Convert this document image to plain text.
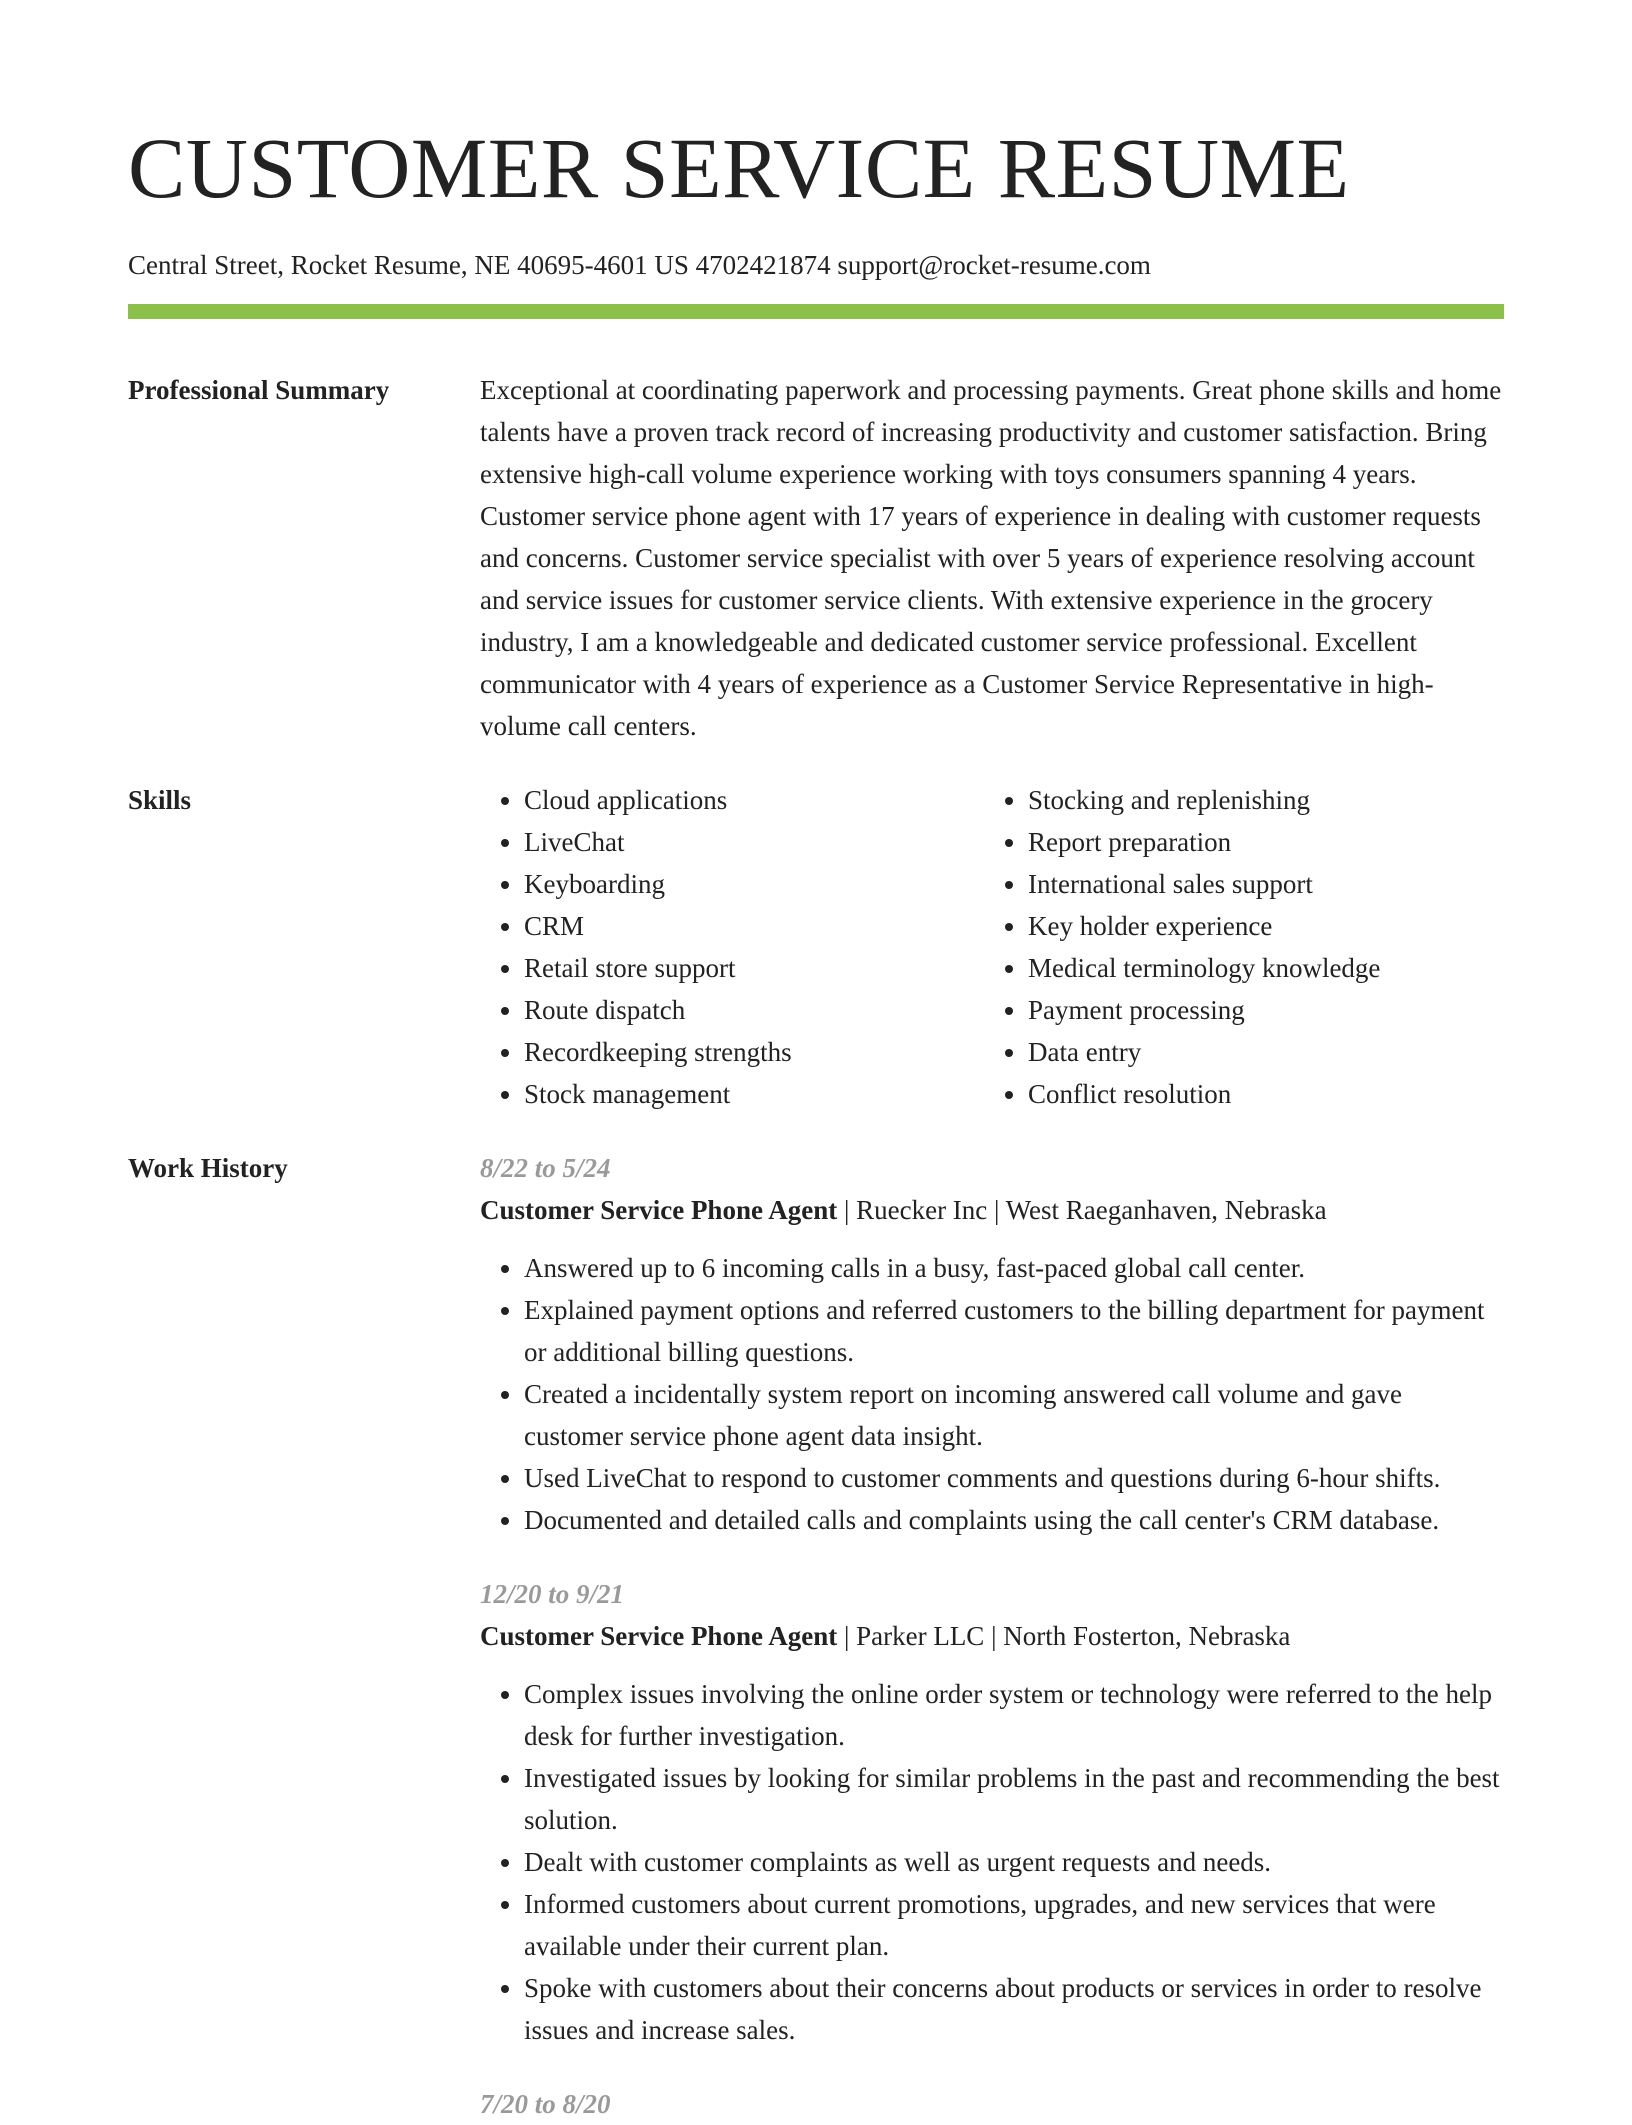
CUSTOMER SERVICE RESUME
Central Street, Rocket Resume, NE 40695-4601 US 4702421874 support@rocket-resume.com
Professional Summary	Exceptional at coordinating paperwork and processing payments. Great phone skills and home talents have a proven track record of increasing productivity and customer satisfaction. Bring extensive high-call volume experience working with toys consumers spanning 4 years. Customer service phone agent with 17 years of experience in dealing with customer requests and concerns. Customer service specialist with over 5 years of experience resolving account and service issues for customer service clients. With extensive experience in the grocery industry, I am a knowledgeable and dedicated customer service professional. Excellent communicator with 4 years of experience as a Customer Service Representative in high-volume call centers.
Skills
•	Cloud applications
• LiveChat
• Keyboarding
• CRM
• Retail store support
• Route dispatch
• Recordkeeping strengths
• Stock management
• Stocking and replenishing
• Report preparation
• International sales support
• Key holder experience
• Medical terminology knowledge
• Payment processing
• Data entry
• Conflict resolution
Work History	8/22 to 5/24
Customer Service Phone Agent | Ruecker Inc | West Raeganhaven, Nebraska
• Answered up to 6 incoming calls in a busy, fast-paced global call center.
• Explained payment options and referred customers to the billing department for payment or additional billing questions.
• Created a incidentally system report on incoming answered call volume and gave customer service phone agent data insight.
• Used LiveChat to respond to customer comments and questions during 6-hour shifts.
• Documented and detailed calls and complaints using the call center's CRM database.
12/20 to 9/21
Customer Service Phone Agent | Parker LLC | North Fosterton, Nebraska
• Complex issues involving the online order system or technology were referred to the help desk for further investigation.
• Investigated issues by looking for similar problems in the past and recommending the best solution.
• Dealt with customer complaints as well as urgent requests and needs.
• Informed customers about current promotions, upgrades, and new services that were available under their current plan.
• Spoke with customers about their concerns about products or services in order to resolve issues and increase sales.
7/20 to 8/20
